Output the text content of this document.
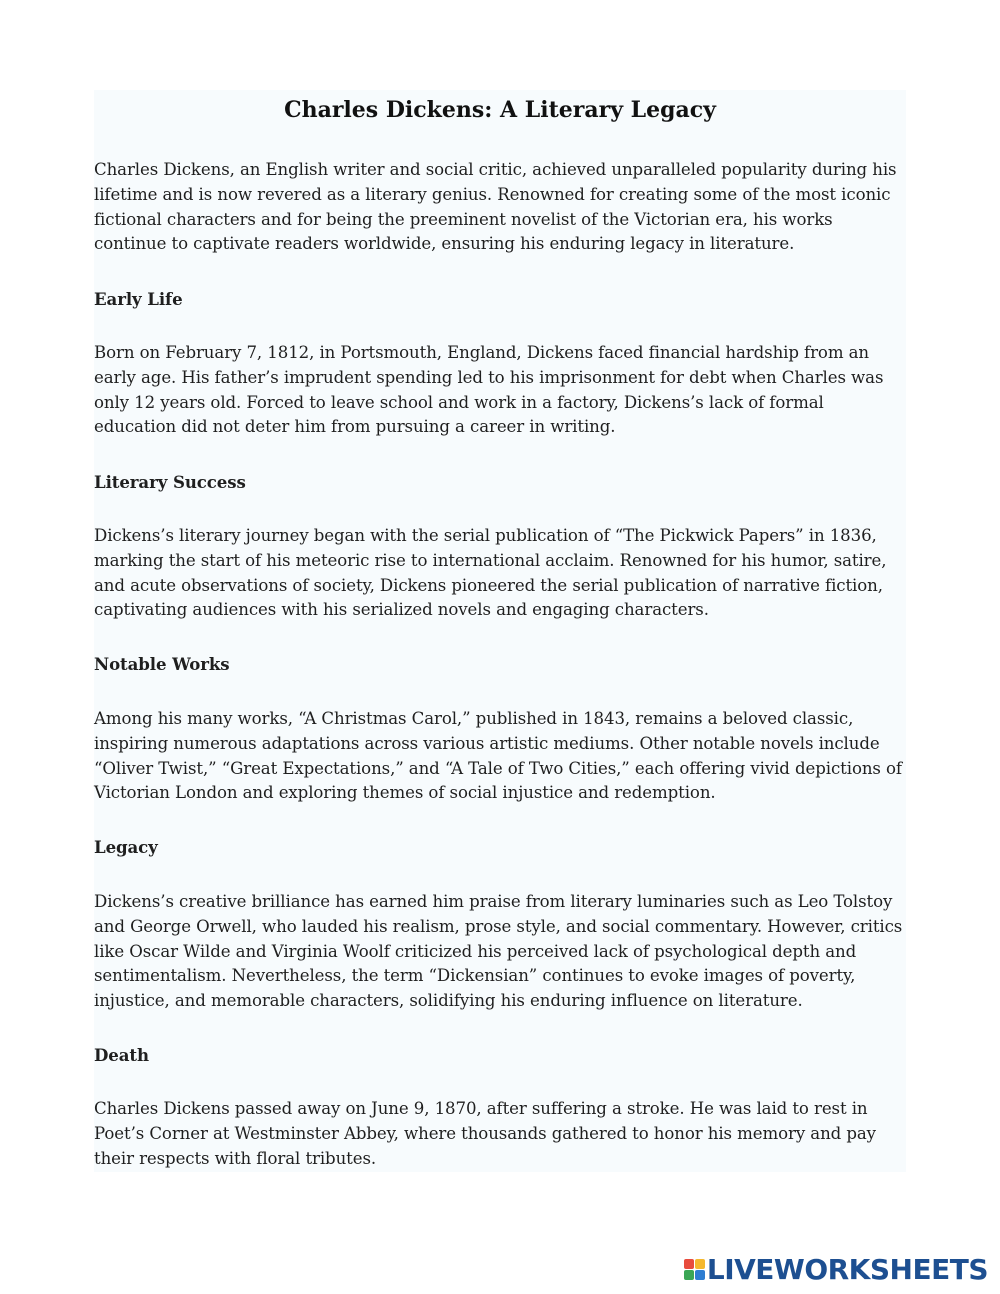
Charles Dickens: A Literary Legacy

Charles Dickens, an English writer and social critic, achieved unparalleled popularity during his lifetime and is now revered as a literary genius. Renowned for creating some of the most iconic fictional characters and for being the preeminent novelist of the Victorian era, his works continue to captivate readers worldwide, ensuring his enduring legacy in literature.

Early Life

Born on February 7, 1812, in Portsmouth, England, Dickens faced financial hardship from an early age. His father’s imprudent spending led to his imprisonment for debt when Charles was only 12 years old. Forced to leave school and work in a factory, Dickens’s lack of formal education did not deter him from pursuing a career in writing.

Literary Success

Dickens’s literary journey began with the serial publication of “The Pickwick Papers” in 1836, marking the start of his meteoric rise to international acclaim. Renowned for his humor, satire, and acute observations of society, Dickens pioneered the serial publication of narrative fiction, captivating audiences with his serialized novels and engaging characters.

Notable Works

Among his many works, “A Christmas Carol,” published in 1843, remains a beloved classic, inspiring numerous adaptations across various artistic mediums. Other notable novels include “Oliver Twist,” “Great Expectations,” and “A Tale of Two Cities,” each offering vivid depictions of Victorian London and exploring themes of social injustice and redemption.

Legacy

Dickens’s creative brilliance has earned him praise from literary luminaries such as Leo Tolstoy and George Orwell, who lauded his realism, prose style, and social commentary. However, critics like Oscar Wilde and Virginia Woolf criticized his perceived lack of psychological depth and sentimentalism. Nevertheless, the term “Dickensian” continues to evoke images of poverty, injustice, and memorable characters, solidifying his enduring influence on literature.

Death

Charles Dickens passed away on June 9, 1870, after suffering a stroke. He was laid to rest in Poet’s Corner at Westminster Abbey, where thousands gathered to honor his memory and pay their respects with floral tributes.

LIVEWORKSHEETS
